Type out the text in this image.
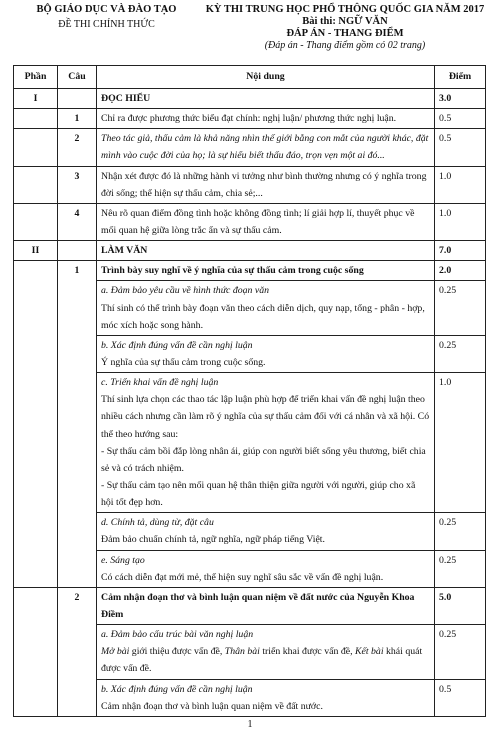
BỘ GIÁO DỤC VÀ ĐÀO TẠO
ĐỀ THI CHÍNH THỨC
KỲ THI TRUNG HỌC PHỔ THÔNG QUỐC GIA NĂM 2017
Bài thi: NGỮ VĂN
ĐÁP ÁN - THANG ĐIỂM
(Đáp án - Thang điểm gồm có 02 trang)
Phần	Câu	Nội dung	Điểm
I		ĐỌC HIỂU	3.0
	1	Chỉ ra được phương thức biểu đạt chính: nghị luận/ phương thức nghị luận.	0.5
	2	Theo tác giả, thấu cảm là khả năng nhìn thế giới bằng con mắt của người khác, đặt mình vào cuộc đời của họ; là sự hiểu biết thấu đáo, trọn vẹn một ai đó...	0.5
	3	Nhận xét được đó là những hành vi tưởng như bình thường nhưng có ý nghĩa trong đời sống; thể hiện sự thấu cảm, chia sẻ;...	1.0
	4	Nêu rõ quan điểm đồng tình hoặc không đồng tình; lí giải hợp lí, thuyết phục về mối quan hệ giữa lòng trắc ẩn và sự thấu cảm.	1.0
II		LÀM VĂN	7.0
	1	Trình bày suy nghĩ về ý nghĩa của sự thấu cảm trong cuộc sống	2.0

		a. Đảm bảo yêu cầu về hình thức đoạn văn
Thí sinh có thể trình bày đoạn văn theo cách diễn dịch, quy nạp, tổng - phân - hợp, móc xích hoặc song hành.	0.25

		b. Xác định đúng vấn đề cần nghị luận
Ý nghĩa của sự thấu cảm trong cuộc sống.	0.25

		c. Triển khai vấn đề nghị luận
Thí sinh lựa chọn các thao tác lập luận phù hợp để triển khai vấn đề nghị luận theo nhiều cách nhưng cần làm rõ ý nghĩa của sự thấu cảm đối với cá nhân và xã hội. Có thể theo hướng sau:
- Sự thấu cảm bồi đắp lòng nhân ái, giúp con người biết sống yêu thương, biết chia sẻ và có trách nhiệm.
- Sự thấu cảm tạo nên mối quan hệ thân thiện giữa người với người, giúp cho xã hội tốt đẹp hơn.	1.0

		d. Chính tả, dùng từ, đặt câu
Đảm bảo chuẩn chính tả, ngữ nghĩa, ngữ pháp tiếng Việt.	0.25

		e. Sáng tạo
Có cách diễn đạt mới mẻ, thể hiện suy nghĩ sâu sắc về vấn đề nghị luận.	0.25
	2	Cảm nhận đoạn thơ và bình luận quan niệm về đất nước của Nguyễn Khoa Điềm	5.0

		a. Đảm bảo cấu trúc bài văn nghị luận
Mở bài giới thiệu được vấn đề, Thân bài triển khai được vấn đề, Kết bài khái quát được vấn đề.	0.25

		b. Xác định đúng vấn đề cần nghị luận
Cảm nhận đoạn thơ và bình luận quan niệm về đất nước.	0.5
1
